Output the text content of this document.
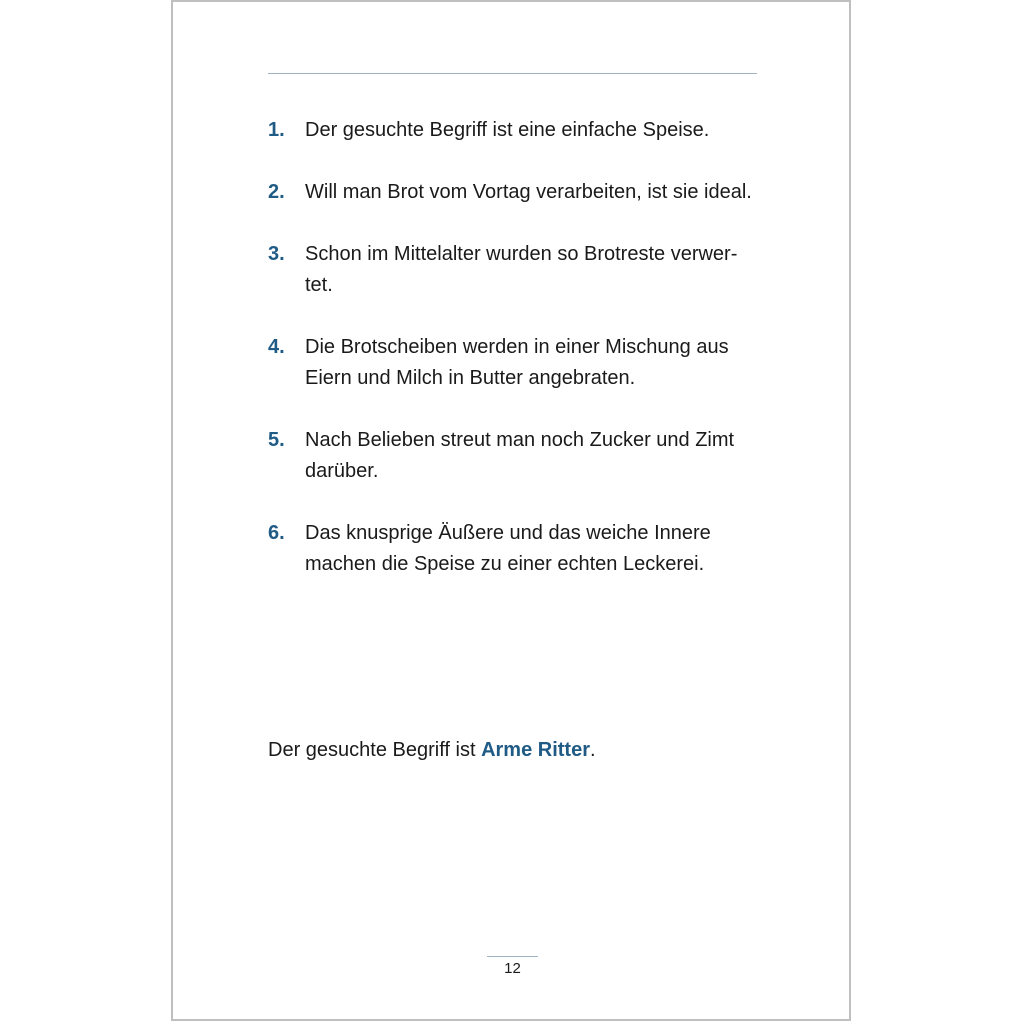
1.	Der gesuchte Begriff ist eine einfache Speise.
2.	Will man Brot vom Vortag verarbeiten, ist sie ideal.
3.	Schon im Mittelalter wurden so Brotreste verwer-
tet.
4.	Die Brotscheiben werden in einer Mischung aus
Eiern und Milch in Butter angebraten.
5.	Nach Belieben streut man noch Zucker und Zimt
darüber.
6.	Das knusprige Äußere und das weiche Innere
machen die Speise zu einer echten Leckerei.

Der gesuchte Begriff ist Arme Ritter.

12
